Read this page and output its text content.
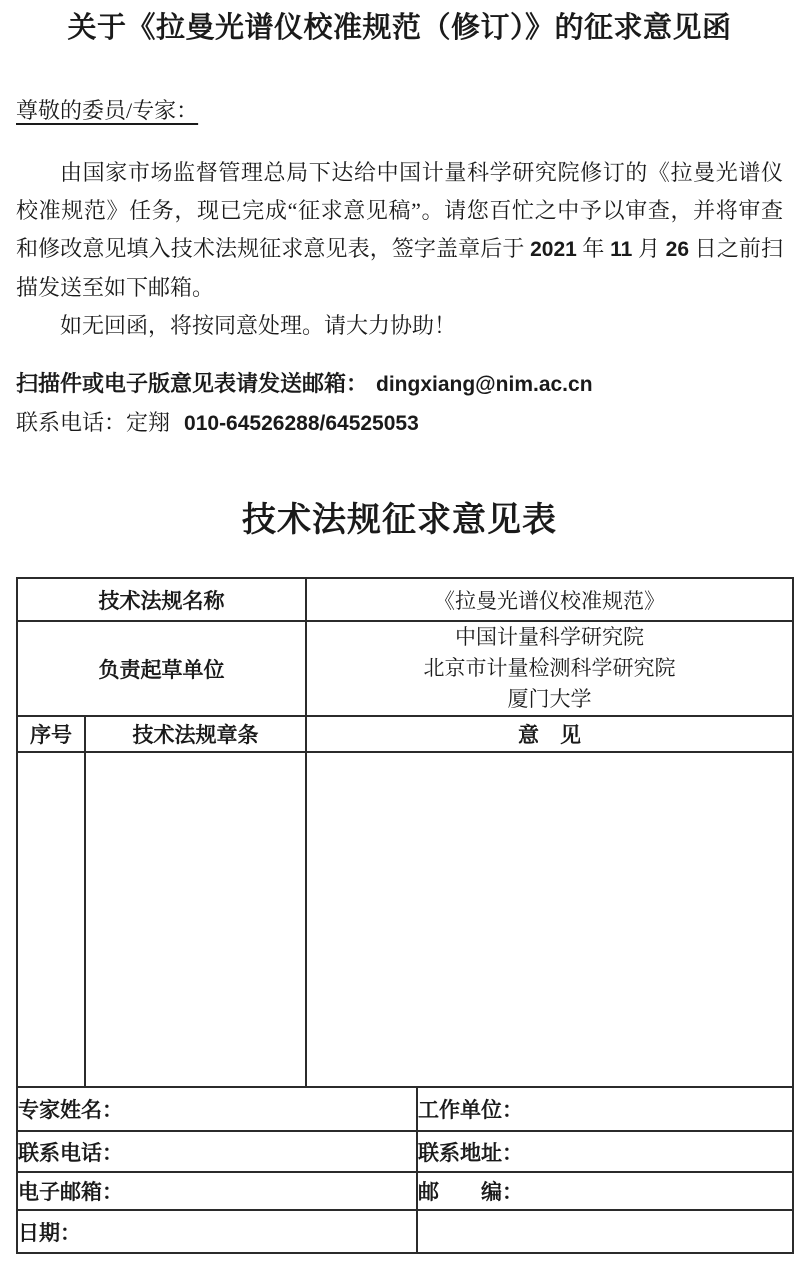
关于《拉曼光谱仪校准规范（修订）》的征求意见函

尊敬的委员/专家：

由国家市场监督管理总局下达给中国计量科学研究院修订的《拉曼光谱仪校准规范》任务，现已完成“征求意见稿”。请您百忙之中予以审查，并将审查和修改意见填入技术法规征求意见表，签字盖章后于 2021 年 11 月 26 日之前扫描发送至如下邮箱。

如无回函，将按同意处理。请大力协助！

扫描件或电子版意见表请发送邮箱： dingxiang@nim.ac.cn

联系电话：定翔 010-64526288/64525053

技术法规征求意见表
技术法规名称		《拉曼光谱仪校准规范》	
负责起草单位		中国计量科学研究院
北京市计量检测科学研究院
厦门大学	

序号	技术法规章条	意　见	

专家姓名：			工作单位：
联系电话：			联系地址：
电子邮箱：			邮　　编：
日期：			
